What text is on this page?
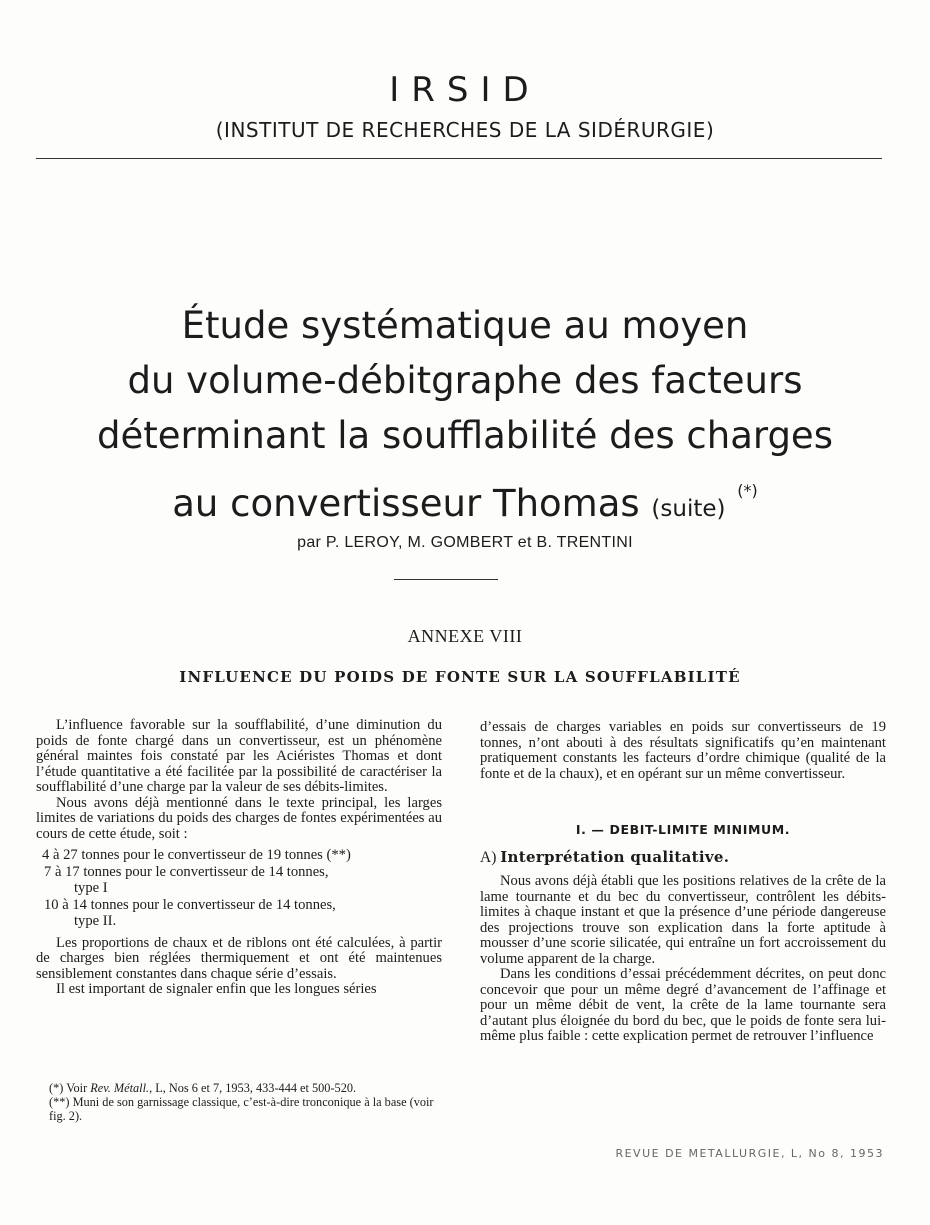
IRSID
(INSTITUT DE RECHERCHES DE LA SIDÉRURGIE)
Étude systématique au moyen
du volume-débitgraphe des facteurs
déterminant la soufflabilité des charges
au convertisseur Thomas (suite) (*)
par P. LEROY, M. GOMBERT et B. TRENTINI
ANNEXE VIII
INFLUENCE DU POIDS DE FONTE SUR LA SOUFFLABILITÉ

L’influence favorable sur la soufflabilité, d’une diminution du poids de fonte chargé dans un convertisseur, est un phénomène général maintes fois constaté par les Aciéristes Thomas et dont l’étude quantitative a été facilitée par la possibilité de caractériser la soufflabilité d’une charge par la valeur de ses débits-limites.

Nous avons déjà mentionné dans le texte principal, les larges limites de variations du poids des charges de fontes expérimentées au cours de cette étude, soit :

4 à 27 tonnes pour le convertisseur de 19 tonnes (**)
7 à 17 tonnes pour le convertisseur de 14 tonnes,
type I
10 à 14 tonnes pour le convertisseur de 14 tonnes,
type II.

Les proportions de chaux et de riblons ont été calculées, à partir de charges bien réglées thermiquement et ont été maintenues sensiblement constantes dans chaque série d’essais.

Il est important de signaler enfin que les longues séries

d’essais de charges variables en poids sur convertisseurs de 19 tonnes, n’ont abouti à des résultats significatifs qu’en maintenant pratiquement constants les facteurs d’ordre chimique (qualité de la fonte et de la chaux), et en opérant sur un même convertisseur.

I. — DEBIT-LIMITE MINIMUM.
A) Interprétation qualitative.

Nous avons déjà établi que les positions relatives de la crête de la lame tournante et du bec du convertisseur, contrôlent les débits-limites à chaque instant et que la présence d’une période dangereuse des projections trouve son explication dans la forte aptitude à mousser d’une scorie silicatée, qui entraîne un fort accroissement du volume apparent de la charge.

Dans les conditions d’essai précédemment décrites, on peut donc concevoir que pour un même degré d’avancement de l’affinage et pour un même débit de vent, la crête de la lame tournante sera d’autant plus éloignée du bord du bec, que le poids de fonte sera lui-même plus faible : cette explication permet de retrouver l’influence

(*) Voir Rev. Métall., L, Nos 6 et 7, 1953, 433-444 et 500-520.
(**) Muni de son garnissage classique, c’est-à-dire tronconique à la base (voir fig. 2).
REVUE DE METALLURGIE, L, No 8, 1953
